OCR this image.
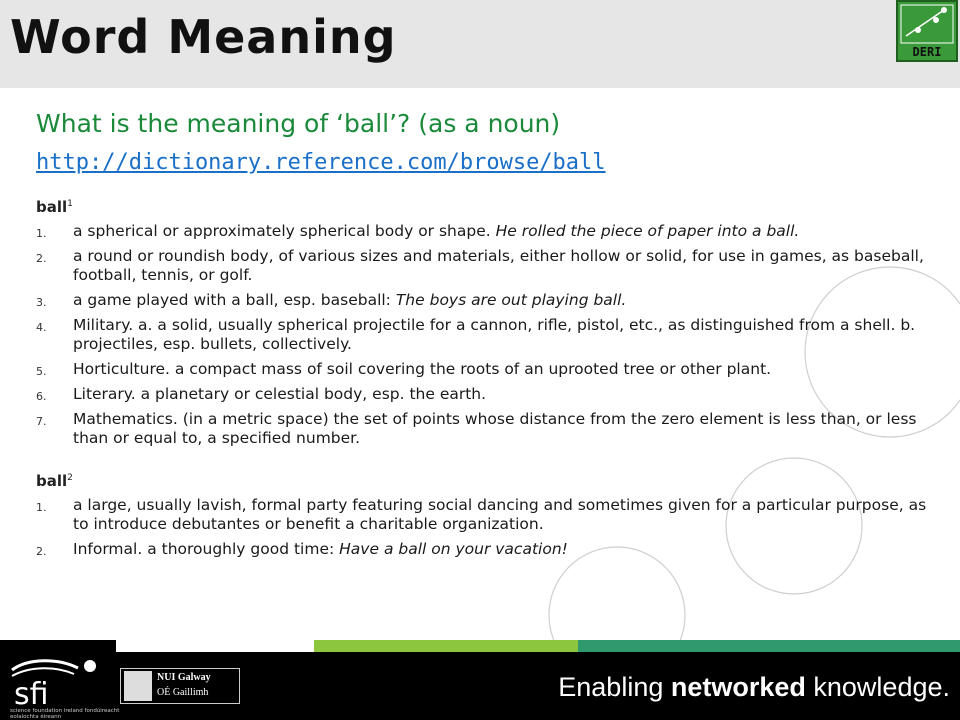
Word Meaning	DERI
What is the meaning of ‘ball’? (as a noun)
http://dictionary.reference.com/browse/ball
ball$^1$
1. a spherical or approximately spherical body or shape. He rolled the piece of paper into a ball.
2. a round or roundish body, of various sizes and materials, either hollow or solid, for use in games, as baseball, football, tennis, or golf.
3. a game played with a ball, esp. baseball: The boys are out playing ball.
4. Military. a. a solid, usually spherical projectile for a cannon, rifle, pistol, etc., as distinguished from a shell. b. projectiles, esp. bullets, collectively.
5. Horticulture. a compact mass of soil covering the roots of an uprooted tree or other plant.
6. Literary. a planetary or celestial body, esp. the earth.
7. Mathematics. (in a metric space) the set of points whose distance from the zero element is less than, or less than or equal to, a specified number.
ball$^2$
1. a large, usually lavish, formal party featuring social dancing and sometimes given for a particular purpose, as to introduce debutantes or benefit a charitable organization.
2. Informal. a thoroughly good time: Have a ball on your vacation!
sfi
science foundation ireland fondúireacht eolaíochta éireann
NUI Galway
OÉ Gaillimh	Enabling networked knowledge.
